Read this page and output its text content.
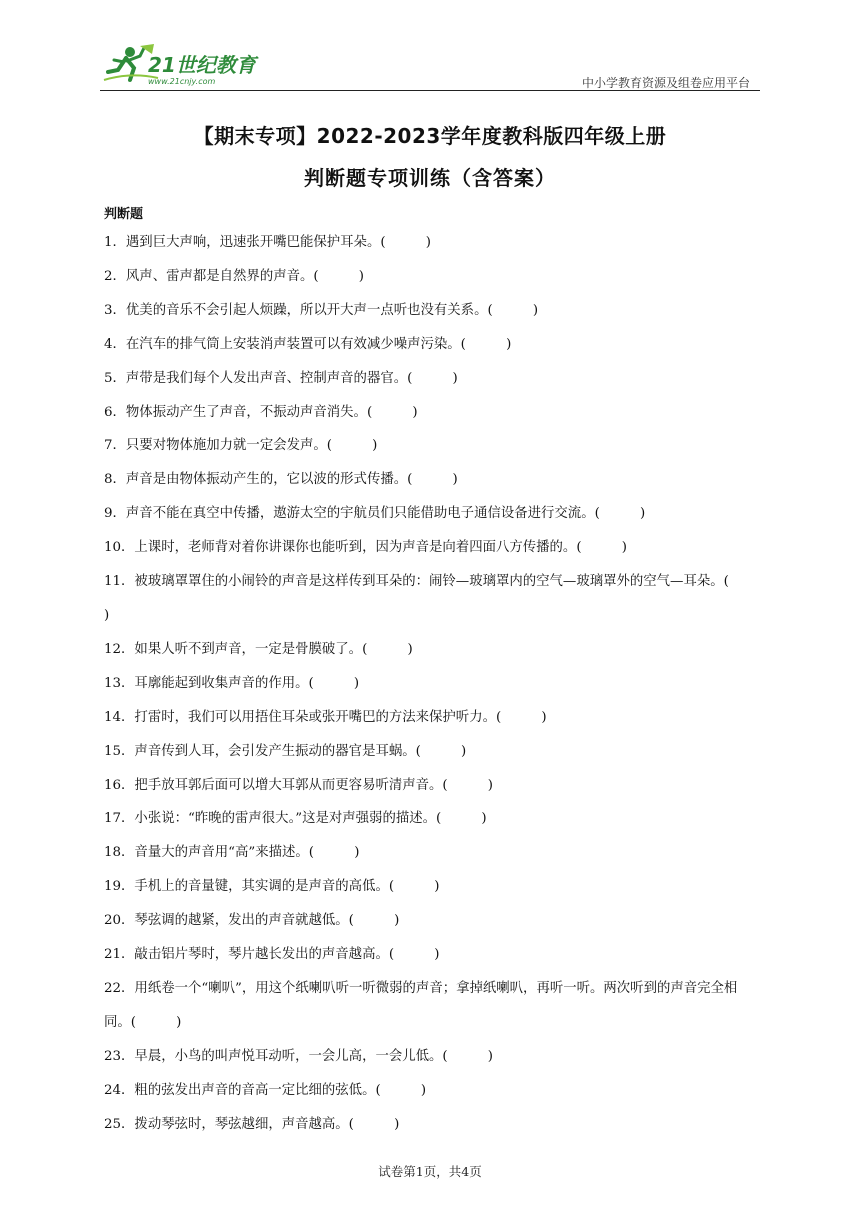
21世纪教育
www.21cnjy.com	中小学教育资源及组卷应用平台
【期末专项】2022-2023学年度教科版四年级上册
判断题专项训练（含答案）
判断题
1．遇到巨大声响，迅速张开嘴巴能保护耳朵。(　　　)
2．风声、雷声都是自然界的声音。(　　　)
3．优美的音乐不会引起人烦躁，所以开大声一点听也没有关系。(　　　)
4．在汽车的排气筒上安装消声装置可以有效减少噪声污染。(　　　)
5．声带是我们每个人发出声音、控制声音的器官。(　　　)
6．物体振动产生了声音，不振动声音消失。(　　　)
7．只要对物体施加力就一定会发声。(　　　)
8．声音是由物体振动产生的，它以波的形式传播。(　　　)
9．声音不能在真空中传播，遨游太空的宇航员们只能借助电子通信设备进行交流。(　　　)
10．上课时，老师背对着你讲课你也能听到，因为声音是向着四面八方传播的。(　　　)
11．被玻璃罩罩住的小闹铃的声音是这样传到耳朵的：闹铃—玻璃罩内的空气—玻璃罩外的空气—耳朵。(　　　)
12．如果人听不到声音，一定是骨膜破了。(　　　)
13．耳廓能起到收集声音的作用。(　　　)
14．打雷时，我们可以用捂住耳朵或张开嘴巴的方法来保护听力。(　　　)
15．声音传到人耳，会引发产生振动的器官是耳蜗。(　　　)
16．把手放耳郭后面可以增大耳郭从而更容易听清声音。(　　　)
17．小张说：“昨晚的雷声很大。”这是对声强弱的描述。(　　　)
18．音量大的声音用“高”来描述。(　　　)
19．手机上的音量键，其实调的是声音的高低。(　　　)
20．琴弦调的越紧，发出的声音就越低。(　　　)
21．敲击铝片琴时，琴片越长发出的声音越高。(　　　)
22．用纸卷一个“喇叭”，用这个纸喇叭听一听微弱的声音；拿掉纸喇叭，再听一听。两次听到的声音完全相同。(　　　)
23．早晨，小鸟的叫声悦耳动听，一会儿高，一会儿低。(　　　)
24．粗的弦发出声音的音高一定比细的弦低。(　　　)
25．拨动琴弦时，琴弦越细，声音越高。(　　　)
试卷第1页，共4页
